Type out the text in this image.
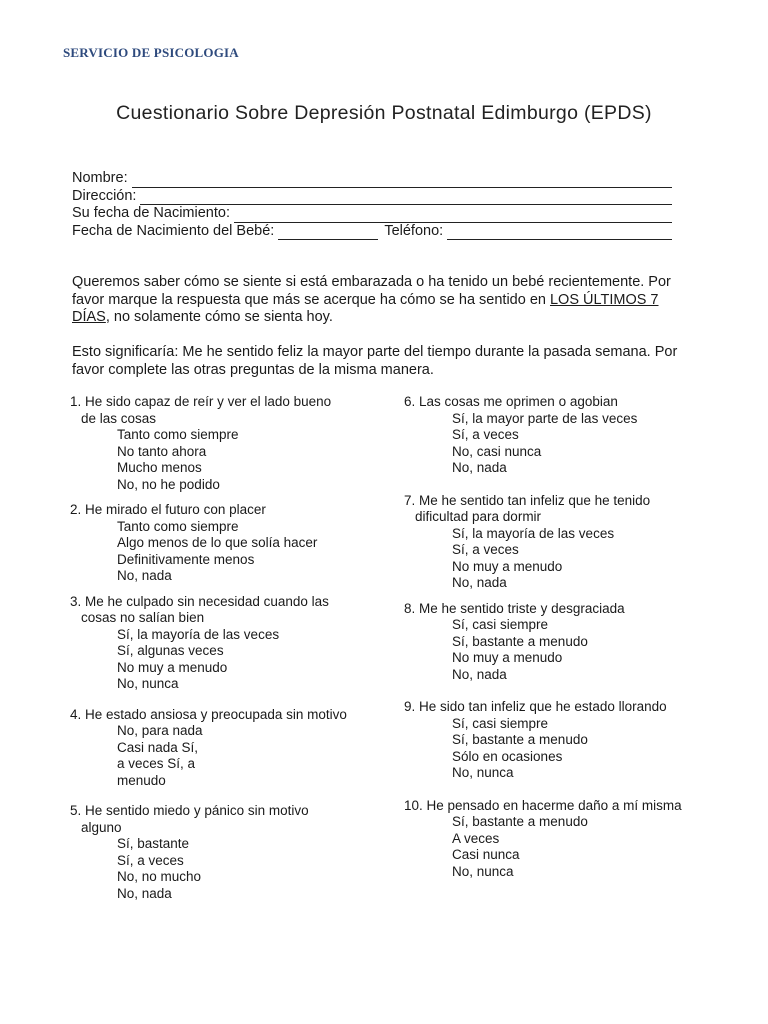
SERVICIO DE PSICOLOGIA
Cuestionario Sobre Depresión Postnatal Edimburgo (EPDS)
Nombre:
Dirección:
Su fecha de Nacimiento:
Fecha de Nacimiento del Bebé:	Teléfono:
Queremos saber cómo se siente si está embarazada o ha tenido un bebé recientemente. Por favor marque la respuesta que más se acerque ha cómo se ha sentido en LOS ÚLTIMOS 7 DÍAS, no solamente cómo se sienta hoy.
Esto significaría: Me he sentido feliz la mayor parte del tiempo durante la pasada semana. Por favor complete las otras preguntas de la misma manera.
1. He sido capaz de reír y ver el lado bueno
de las cosas
Tanto como siempre
No tanto ahora
Mucho menos
No, no he podido
2. He mirado el futuro con placer
Tanto como siempre
Algo menos de lo que solía hacer
Definitivamente menos
No, nada
3. Me he culpado sin necesidad cuando las
cosas no salían bien
Sí, la mayoría de las veces
Sí, algunas veces
No muy a menudo
No, nunca
4. He estado ansiosa y preocupada sin motivo
No, para nada
Casi nada Sí,
a veces Sí, a
menudo
5. He sentido miedo y pánico sin motivo
alguno
Sí, bastante
Sí, a veces
No, no mucho
No, nada
6. Las cosas me oprimen o agobian
Sí, la mayor parte de las veces
Sí, a veces
No, casi nunca
No, nada
7. Me he sentido tan infeliz que he tenido
dificultad para dormir
Sí, la mayoría de las veces
Sí, a veces
No muy a menudo
No, nada
8. Me he sentido triste y desgraciada
Sí, casi siempre
Sí, bastante a menudo
No muy a menudo
No, nada
9. He sido tan infeliz que he estado llorando
Sí, casi siempre
Sí, bastante a menudo
Sólo en ocasiones
No, nunca
10. He pensado en hacerme daño a mí misma
Sí, bastante a menudo
A veces
Casi nunca
No, nunca
